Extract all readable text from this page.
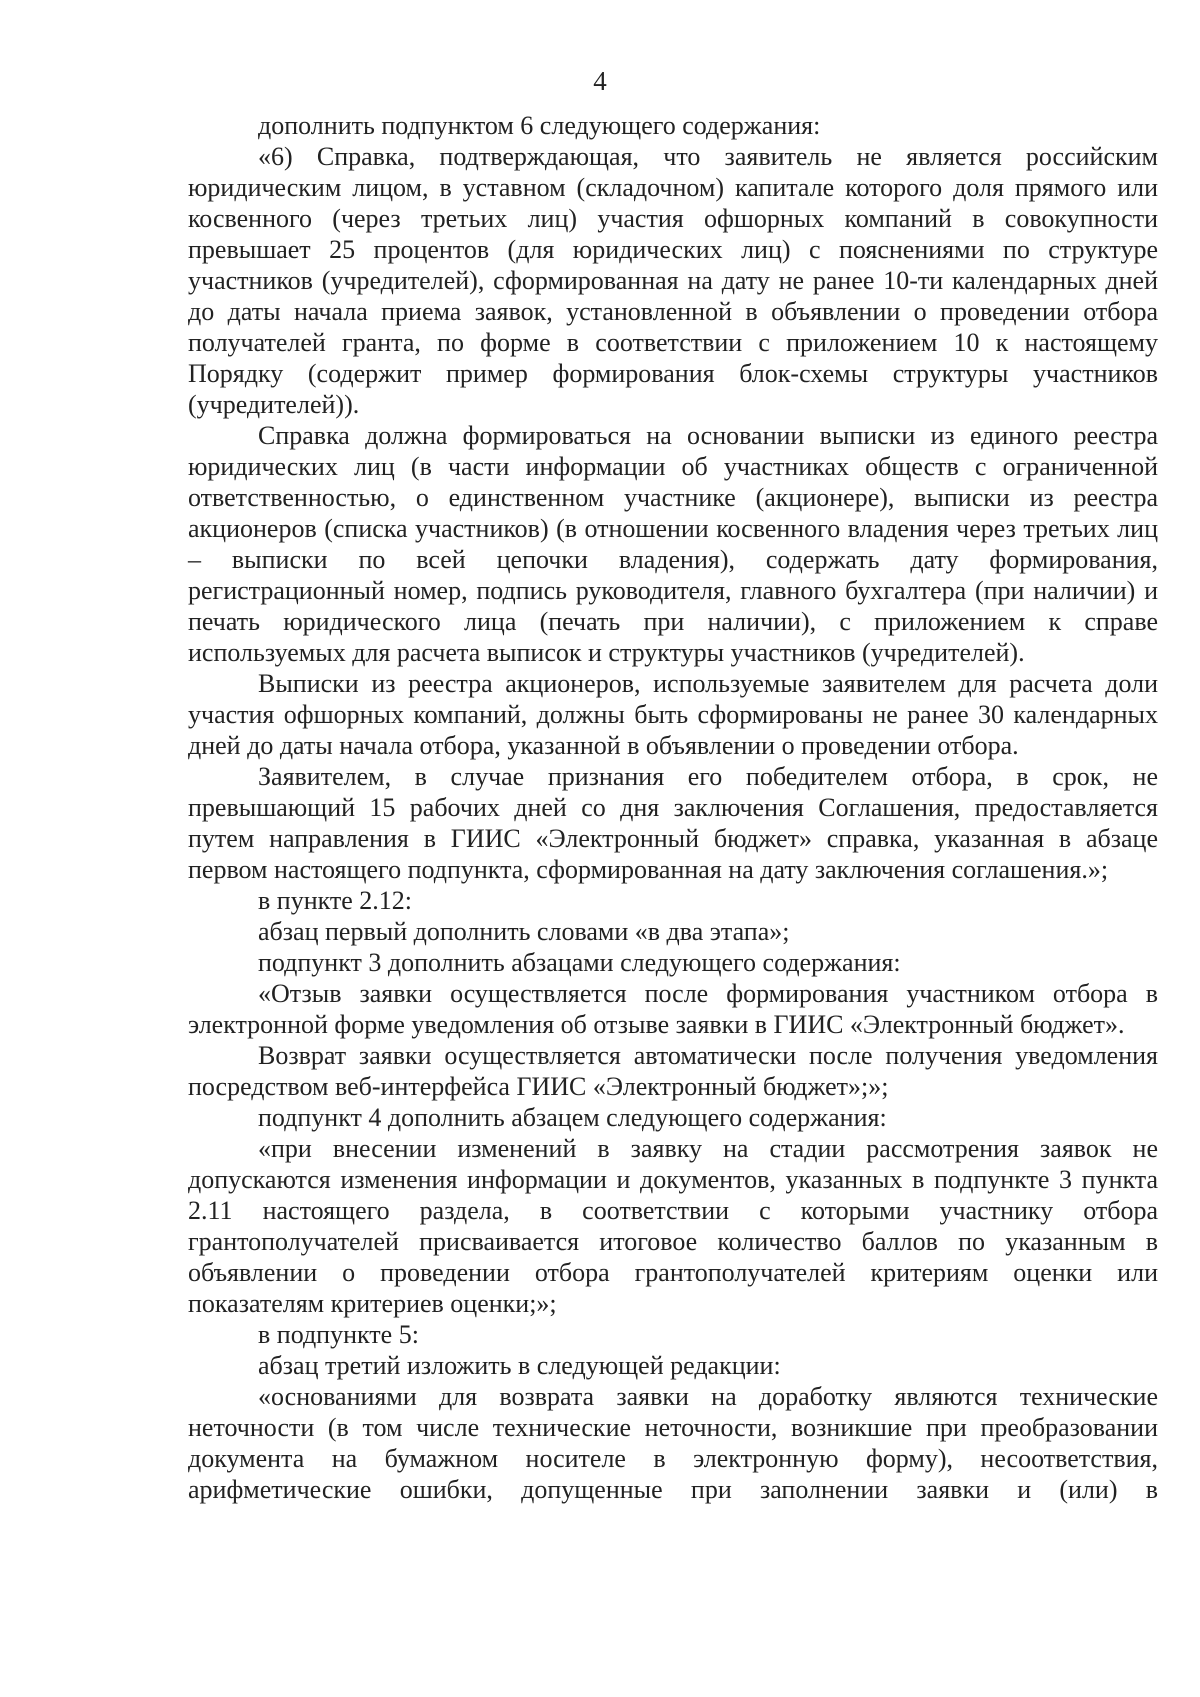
4

дополнить подпунктом 6 следующего содержания:

«6) Справка, подтверждающая, что заявитель не является российским юридическим лицом, в уставном (складочном) капитале которого доля прямого или косвенного (через третьих лиц) участия офшорных компаний в совокупности превышает 25 процентов (для юридических лиц) с пояснениями по структуре участников (учредителей), сформированная на дату не ранее 10-ти календарных дней до даты начала приема заявок, установленной в объявлении о проведении отбора получателей гранта, по форме в соответствии с приложением 10 к настоящему Порядку (содержит пример формирования блок-схемы структуры участников (учредителей)).

Справка должна формироваться на основании выписки из единого реестра юридических лиц (в части информации об участниках обществ с ограниченной ответственностью, о единственном участнике (акционере), выписки из реестра акционеров (списка участников) (в отношении косвенного владения через третьих лиц – выписки по всей цепочки владения), содержать дату формирования, регистрационный номер, подпись руководителя, главного бухгалтера (при наличии) и печать юридического лица (печать при наличии), с приложением к справе используемых для расчета выписок и структуры участников (учредителей).

Выписки из реестра акционеров, используемые заявителем для расчета доли участия офшорных компаний, должны быть сформированы не ранее 30 календарных дней до даты начала отбора, указанной в объявлении о проведении отбора.

Заявителем, в случае признания его победителем отбора, в срок, не превышающий 15 рабочих дней со дня заключения Соглашения, предоставляется путем направления в ГИИС «Электронный бюджет» справка, указанная в абзаце первом настоящего подпункта, сформированная на дату заключения соглашения.»;

в пункте 2.12:

абзац первый дополнить словами «в два этапа»;

подпункт 3 дополнить абзацами следующего содержания:

«Отзыв заявки осуществляется после формирования участником отбора в электронной форме уведомления об отзыве заявки в ГИИС «Электронный бюджет».

Возврат заявки осуществляется автоматически после получения уведомления посредством веб-интерфейса ГИИС «Электронный бюджет»;»;

подпункт 4 дополнить абзацем следующего содержания:

«при внесении изменений в заявку на стадии рассмотрения заявок не допускаются изменения информации и документов, указанных в подпункте 3 пункта 2.11 настоящего раздела, в соответствии с которыми участнику отбора грантополучателей присваивается итоговое количество баллов по указанным в объявлении о проведении отбора грантополучателей критериям оценки или показателям критериев оценки;»;

в подпункте 5:

абзац третий изложить в следующей редакции:

«основаниями для возврата заявки на доработку являются технические неточности (в том числе технические неточности, возникшие при преобразовании документа на бумажном носителе в электронную форму), несоответствия, арифметические ошибки, допущенные при заполнении заявки и (или) в
